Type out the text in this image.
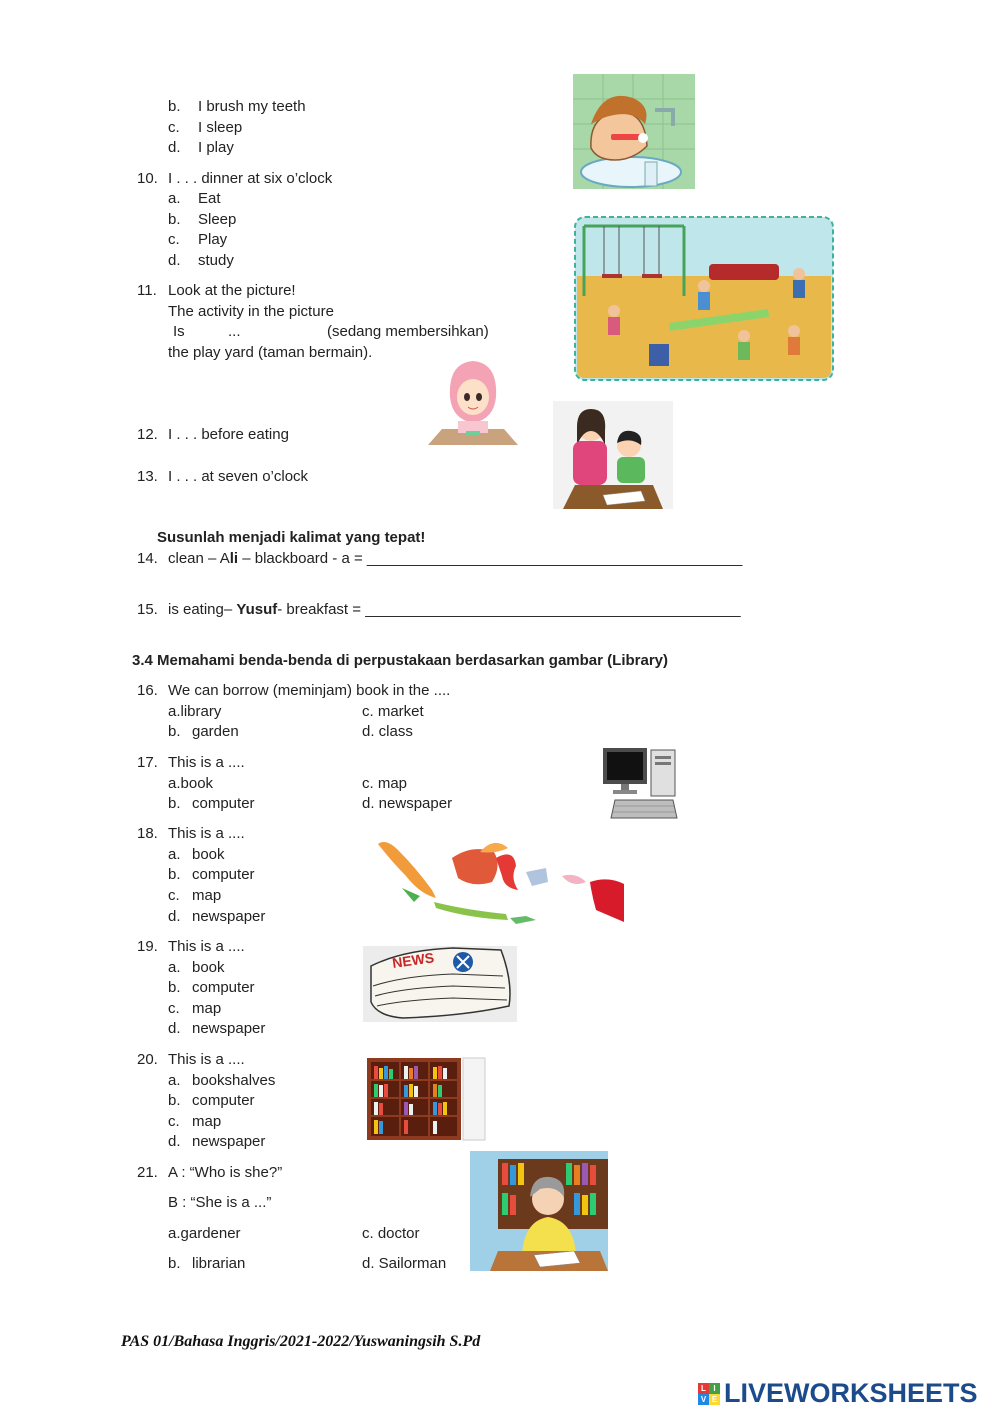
b. I brush my teeth
c. I sleep
d. I play
10. I . . . dinner at six o’clock
a. Eat
b. Sleep
c. Play
d. study
11. Look at the picture!
The activity in the picture
Is	...	(sedang membersihkan)
the play yard (taman bermain).
12. I . . . before eating
13. I . . . at seven o’clock
Susunlah menjadi kalimat yang tepat!
14. clean – Ali – blackboard - a = _____________________________________________
15. is eating– Yusuf- breakfast = _____________________________________________
3.4 Memahami benda-benda di perpustakaan berdasarkan gambar (Library)
16. We can borrow (meminjam) book in the ....
a.library	c. market
b. garden	d. class
17. This is a ....
a.book	c. map
b. computer	d. newspaper
18. This is a ....
a. book
b. computer
c. map
d. newspaper
19. This is a ....
a. book
b. computer
c. map
d. newspaper
20. This is a ....
a. bookshalves
b. computer
c. map
d. newspaper
21. A : “Who is she?”
B : “She is a ...”
a.gardener	c. doctor
b. librarian	d. Sailorman
NEWS
PAS 01/Bahasa Inggris/2021-2022/Yuswaningsih S.Pd
L I
V E LIVEWORKSHEETS
